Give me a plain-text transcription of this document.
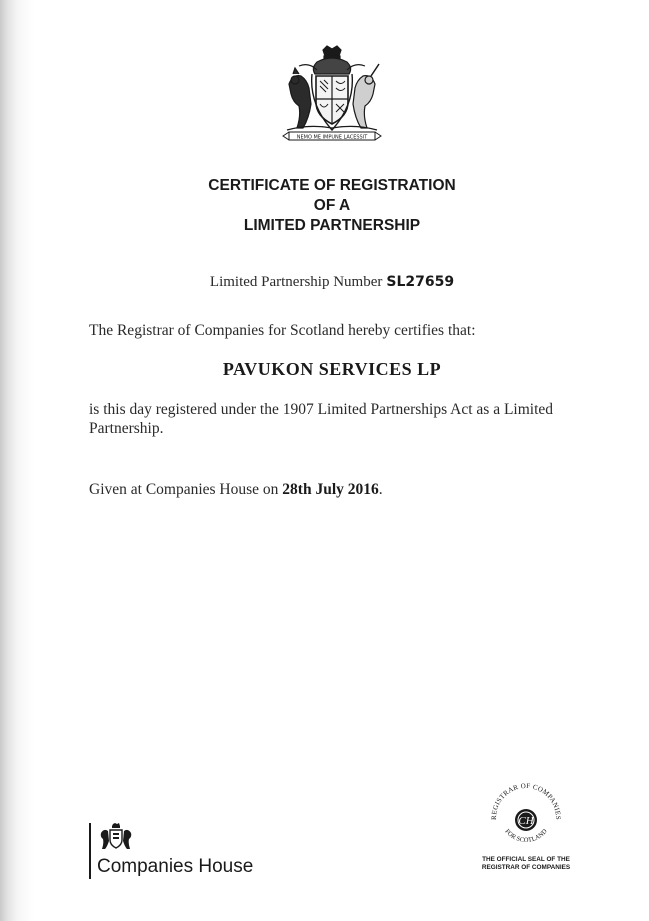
NEMO ME IMPUNE LACESSIT
CERTIFICATE OF REGISTRATION
OF A
LIMITED PARTNERSHIP
Limited Partnership Number SL27659
The Registrar of Companies for Scotland hereby certifies that:
PAVUKON SERVICES LP
is this day registered under the 1907 Limited Partnerships Act as a Limited Partnership.
Given at Companies House on 28th July 2016.
Companies House
REGISTRAR OF COMPANIES
CH
FOR SCOTLAND
THE OFFICIAL SEAL OF THE
REGISTRAR OF COMPANIES
